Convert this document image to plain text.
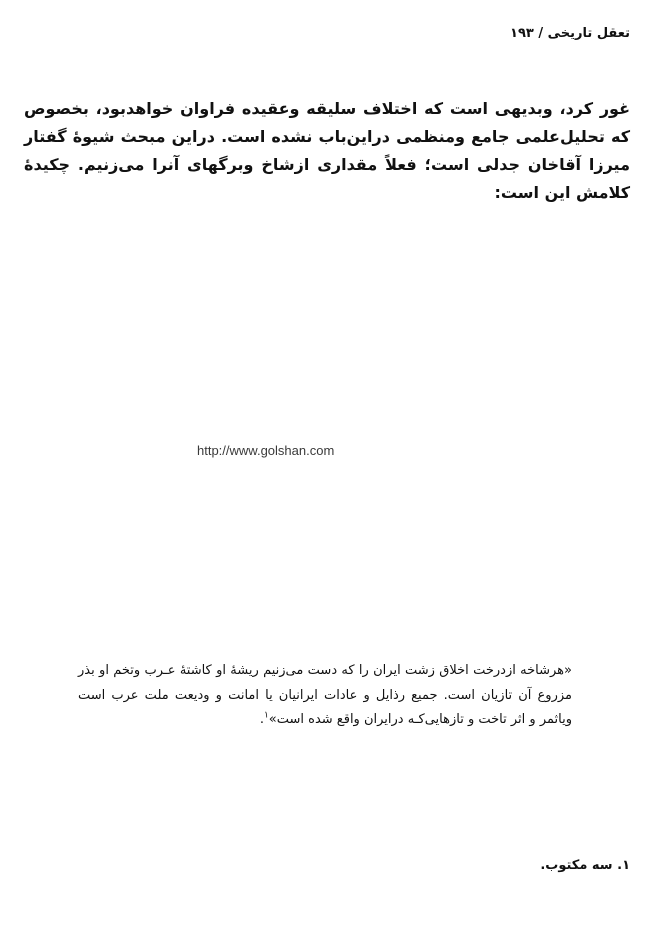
تعقل تاریخی / ۱۹۳
غور کرد، وبدیهی است که اختلاف سلیقه وعقیده فراوان خواهدبود، بخصوص که تحلیل‌علمی جامع ومنظمی دراین‌باب نشده است. دراین مبحث شیوهٔ گفتار میرزا آقاخان جدلی است؛ فعلاً مقداری ازشاخ وبرگهای آنرا می‌زنیم. چکیدهٔ کلامش این است:
http://www.golshan.com
«هرشاخه ازدرخت اخلاق زشت ایران را که دست می‌زنیم ریشهٔ او کاشتهٔ عـرب وتخم او بذر مزروع آن تازیان است. جمیع رذایل و عادات ایرانیان یا امانت و ودیعت ملت عرب است ویاثمر و اثر تاخت و تازهایی‌کـه درایران واقع شده است»$^۱$.
۱. سه مکتوب.
